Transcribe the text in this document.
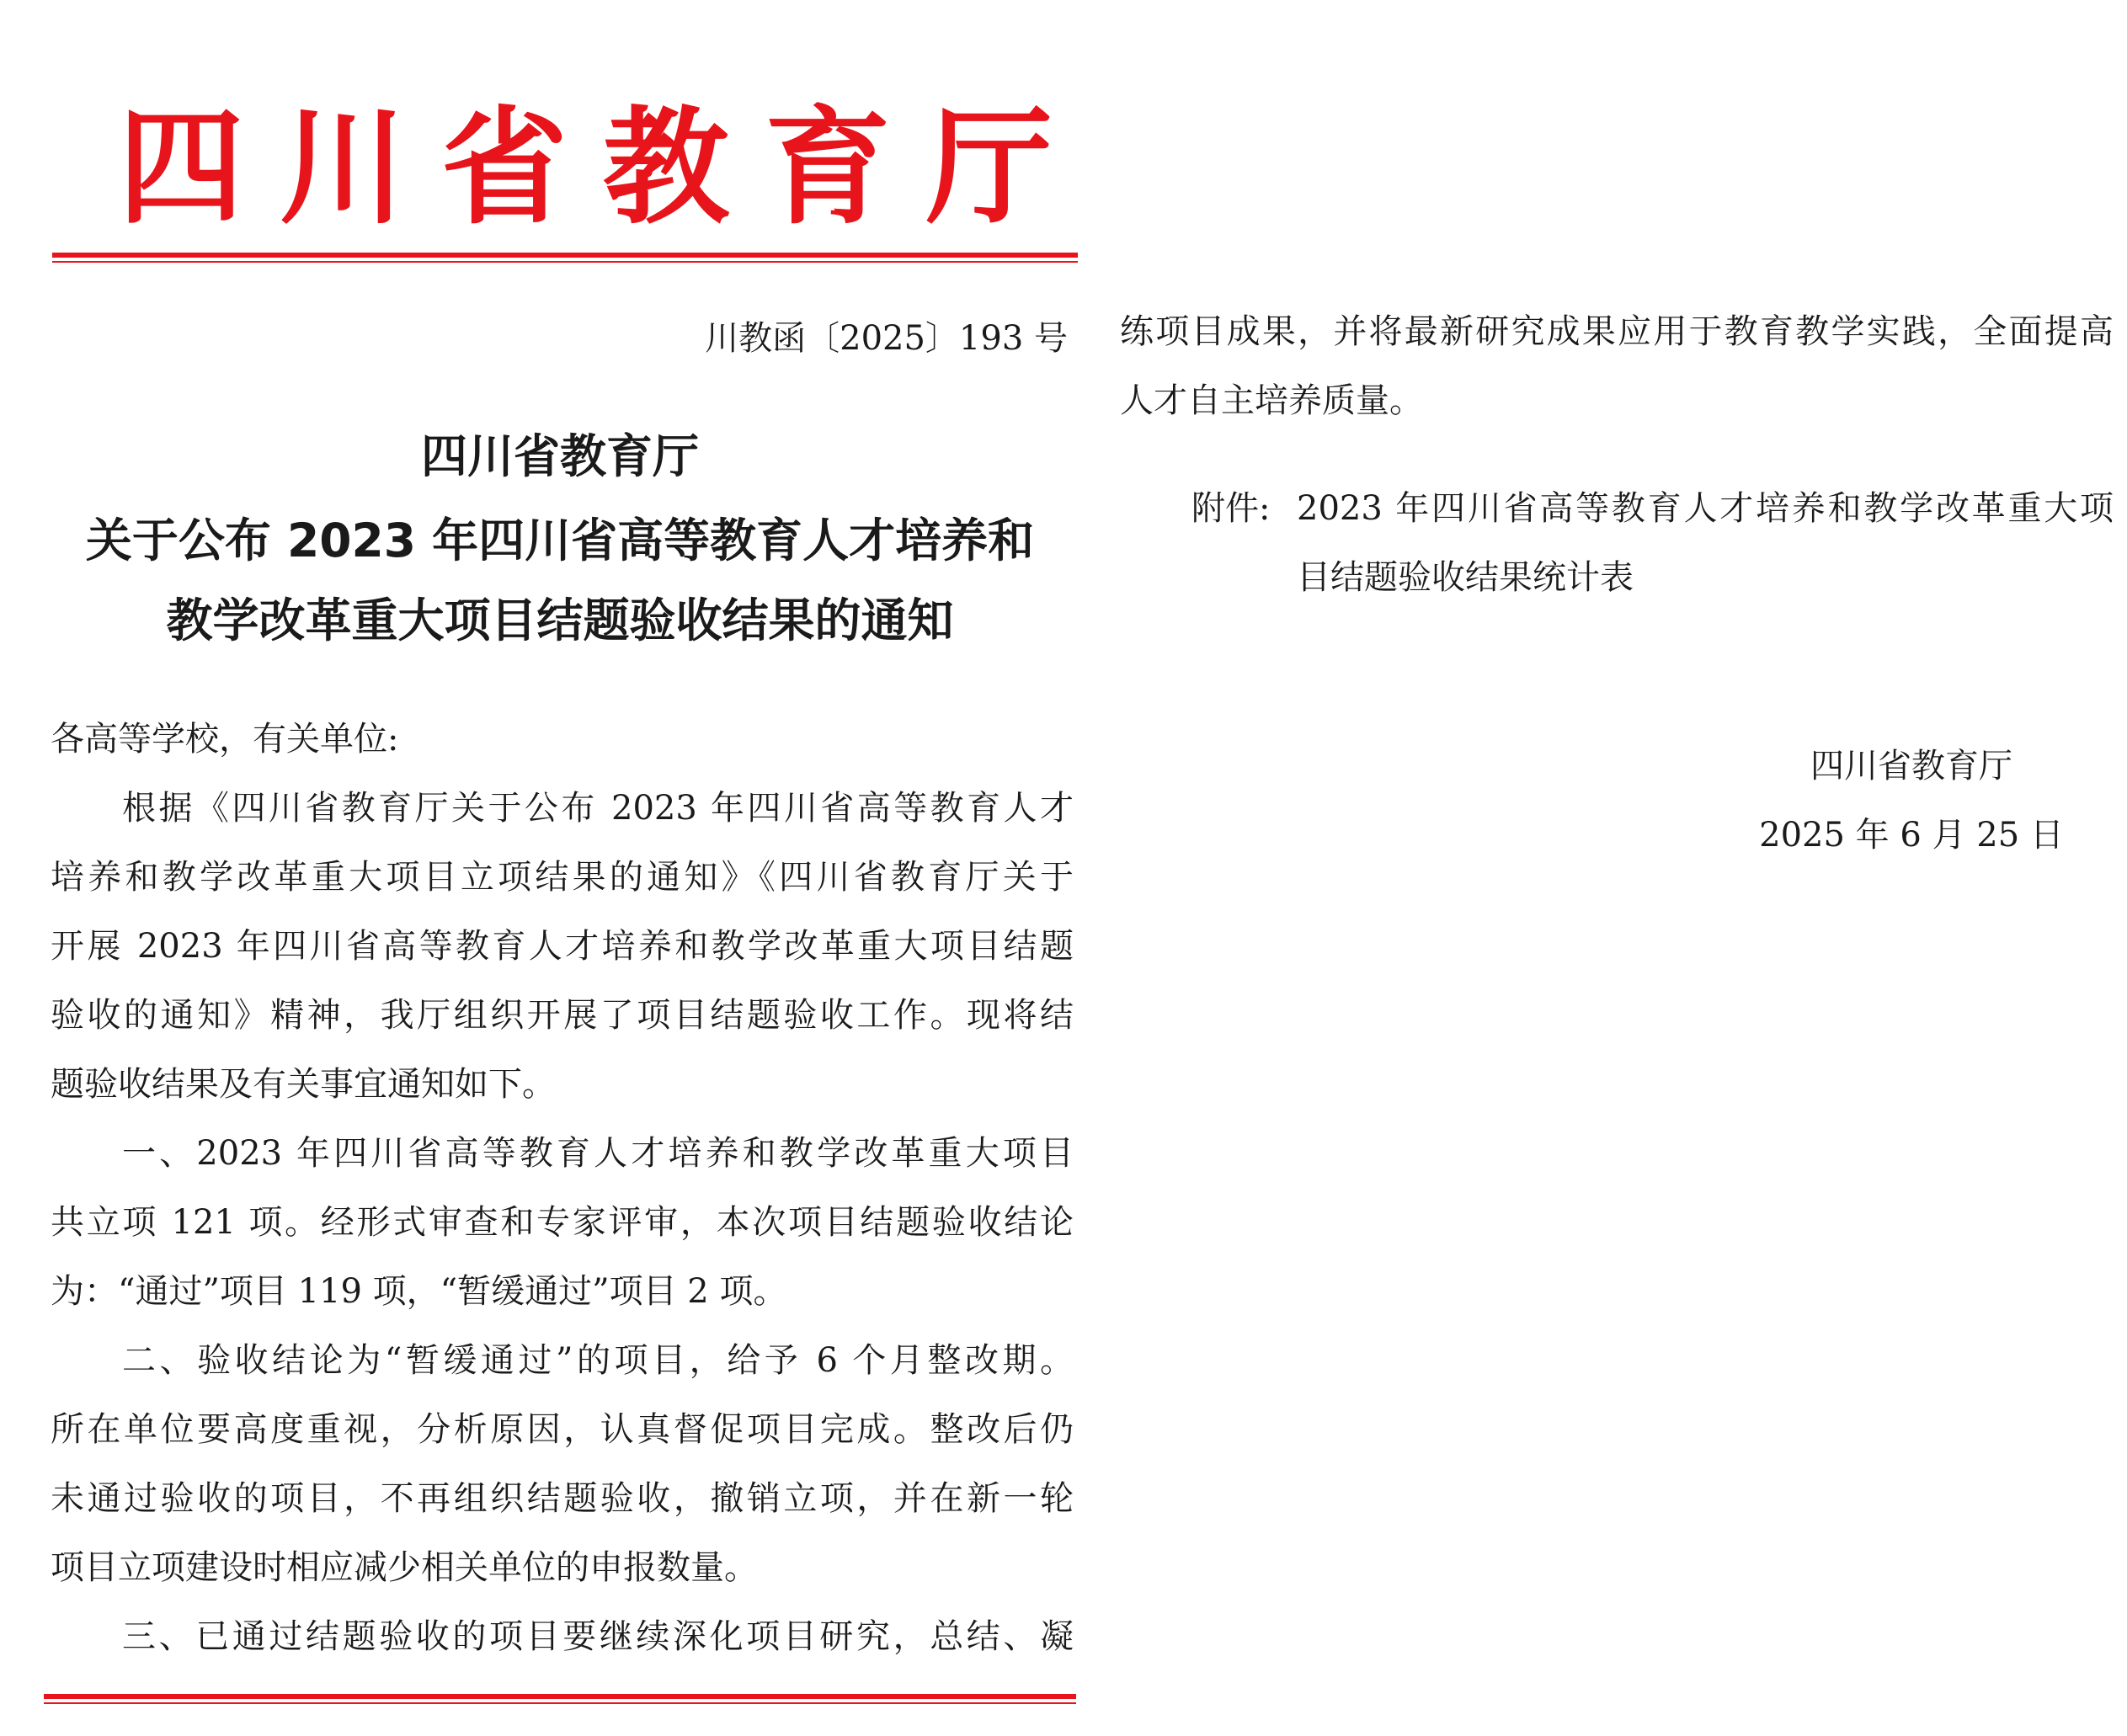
四 川 省 教 育 厅
川教函〔2025〕193 号
四川省教育厅
关于公布 2023 年四川省高等教育人才培养和
教学改革重大项目结题验收结果的通知
各高等学校，有关单位:
根据《四川省教育厅关于公布 2023 年四川省高等教育人才
培养和教学改革重大项目立项结果的通知》《四川省教育厅关于
开展 2023 年四川省高等教育人才培养和教学改革重大项目结题
验收的通知》精神，我厅组织开展了项目结题验收工作。现将结
题验收结果及有关事宜通知如下。
一、2023 年四川省高等教育人才培养和教学改革重大项目
共立项 121 项。经形式审查和专家评审，本次项目结题验收结论
为：“通过”项目 119 项，“暂缓通过”项目 2 项。
二、验收结论为“暂缓通过”的项目，给予 6 个月整改期。
所在单位要高度重视，分析原因，认真督促项目完成。整改后仍
未通过验收的项目，不再组织结题验收，撤销立项，并在新一轮
项目立项建设时相应减少相关单位的申报数量。
三、已通过结题验收的项目要继续深化项目研究，总结、凝
练项目成果，并将最新研究成果应用于教育教学实践，全面提高
人才自主培养质量。
附件: 2023 年四川省高等教育人才培养和教学改革重大项
目结题验收结果统计表
四川省教育厅
2025 年 6 月 25 日
